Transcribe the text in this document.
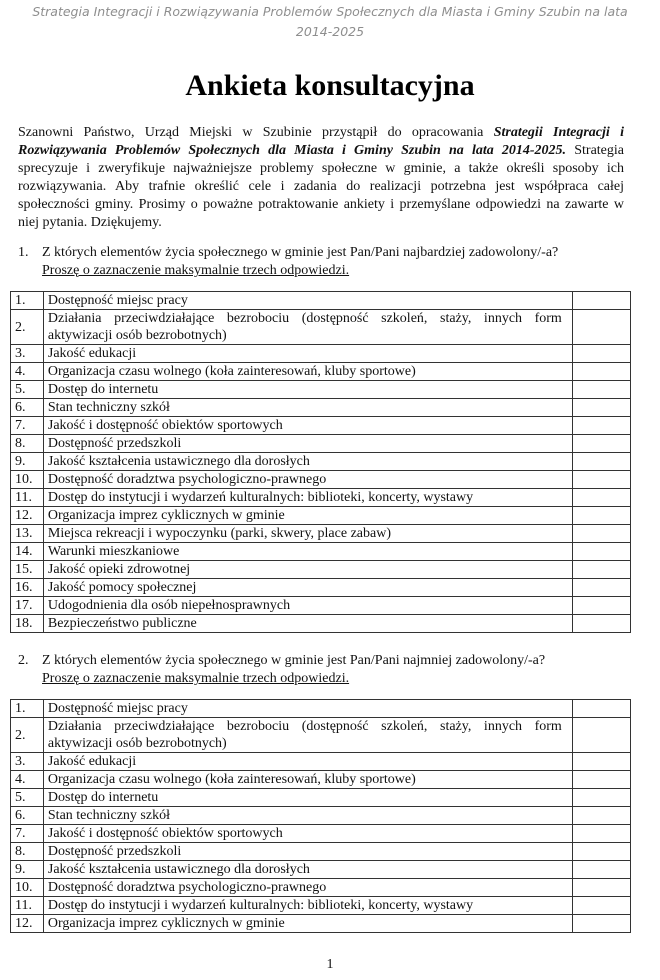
Strategia Integracji i Rozwiązywania Problemów Społecznych dla Miasta i Gminy Szubin na lata
2014-2025
Ankieta konsultacyjna

Szanowni Państwo, Urząd Miejski w Szubinie przystąpił do opracowania Strategii Integracji i Rozwiązywania Problemów Społecznych dla Miasta i Gminy Szubin na lata 2014-2025. Strategia sprecyzuje i zweryfikuje najważniejsze problemy społeczne w gminie, a także określi sposoby ich rozwiązywania. Aby trafnie określić cele i zadania do realizacji potrzebna jest współpraca całej społeczności gminy. Prosimy o poważne potraktowanie ankiety i przemyślane odpowiedzi na zawarte w niej pytania. Dziękujemy.

1. Z których elementów życia społecznego w gminie jest Pan/Pani najbardziej zadowolony/-a?
Proszę o zaznaczenie maksymalnie trzech odpowiedzi.
1.	Dostępność miejsc pracy	
2.	Działania przeciwdziałające bezrobociu (dostępność szkoleń, staży, innych form aktywizacji osób bezrobotnych)	
3.	Jakość edukacji	
4.	Organizacja czasu wolnego (koła zainteresowań, kluby sportowe)	
5.	Dostęp do internetu	
6.	Stan techniczny szkół	
7.	Jakość i dostępność obiektów sportowych	
8.	Dostępność przedszkoli	
9.	Jakość kształcenia ustawicznego dla dorosłych	
10.	Dostępność doradztwa psychologiczno-prawnego	
11.	Dostęp do instytucji i wydarzeń kulturalnych: biblioteki, koncerty, wystawy	
12.	Organizacja imprez cyklicznych w gminie	
13.	Miejsca rekreacji i wypoczynku (parki, skwery, place zabaw)	
14.	Warunki mieszkaniowe	
15.	Jakość opieki zdrowotnej	
16.	Jakość pomocy społecznej	
17.	Udogodnienia dla osób niepełnosprawnych	
18.	Bezpieczeństwo publiczne	
2. Z których elementów życia społecznego w gminie jest Pan/Pani najmniej zadowolony/-a?
Proszę o zaznaczenie maksymalnie trzech odpowiedzi.
1.	Dostępność miejsc pracy	
2.	Działania przeciwdziałające bezrobociu (dostępność szkoleń, staży, innych form aktywizacji osób bezrobotnych)	
3.	Jakość edukacji	
4.	Organizacja czasu wolnego (koła zainteresowań, kluby sportowe)	
5.	Dostęp do internetu	
6.	Stan techniczny szkół	
7.	Jakość i dostępność obiektów sportowych	
8.	Dostępność przedszkoli	
9.	Jakość kształcenia ustawicznego dla dorosłych	
10.	Dostępność doradztwa psychologiczno-prawnego	
11.	Dostęp do instytucji i wydarzeń kulturalnych: biblioteki, koncerty, wystawy	
12.	Organizacja imprez cyklicznych w gminie	
1
